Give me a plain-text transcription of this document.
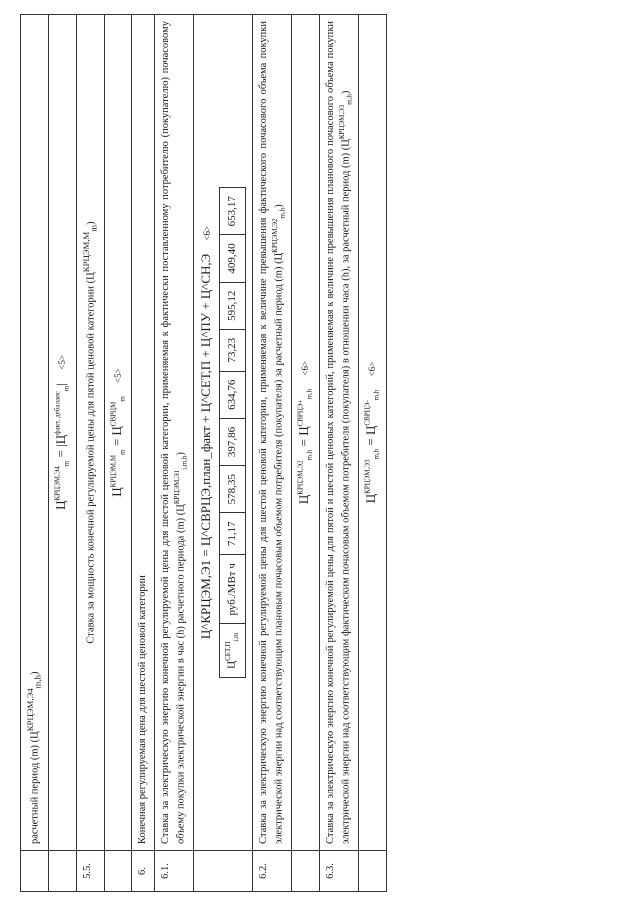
	расчетный период (m) $(Ц^{КРЦЭМ,Э4}_{m,h})$
	$Ц^{КРЦЭМ,Э4}_m = |Ц^{факт, дебаланс}_m| <5>$
5.5.	Ставка за мощность конечной регулируемой цены для пятой ценовой категории $(Ц^{КРЦЭМ,М}_m)$
	$Ц^{КРЦЭМ,М}_m = Ц^{СВРЦМ}_m <5>$
6.	Конечная регулируемая цена для шестой ценовой категории
6.1.	Ставка за электрическую энергию конечной регулируемой цены для шестой ценовой категории, применяемая к фактически поставленному потребителю (покупателю) почасовому объему покупки электрической энергии в час (h) расчетного периода (m) $(Ц^{КРЦЭМ,Э1}_{i,m,h})$

Ц^КРЦЭМ,Э1 = Ц^СВРЦЭ,план_факт + Ц^СЕТ,П + Ц^ПУ + Ц^СН,Э <6>
$Ц^{СЕТ,П}_{i,m}$	руб./МВт ч	71,17	578,35	397,86	634,76	73,23	595,12	409,40	653,17

6.2.	Ставка за электрическую энергию конечной регулируемой цены для шестой ценовой категории, применяемая к величине превышения фактического почасового объема покупки электрической энергии над соответствующим плановым почасовым объемом потребителя (покупателя) за расчетный период (m) $(Ц^{КРЦЭМ,Э2}_{m,h})$
	$Ц^{КРЦЭМ,Э2}_{m,h} = Ц^{СВРЦЭ+}_{m,h} <6>$
6.3.	Ставка за электрическую энергию конечной регулируемой цены для пятой и шестой ценовых категорий, применяемая к величине превышения планового почасового объема покупки электрической энергии над соответствующим фактическим почасовым объемом потребителя (покупателя) в отношении часа (h), за расчетный период (m) $(Ц^{КРЦЭМ,Э3}_{m,h})$
	$Ц^{КРЦЭМ,Э3}_{m,h} = Ц^{СВРЦЭ-}_{m,h} <6>$
